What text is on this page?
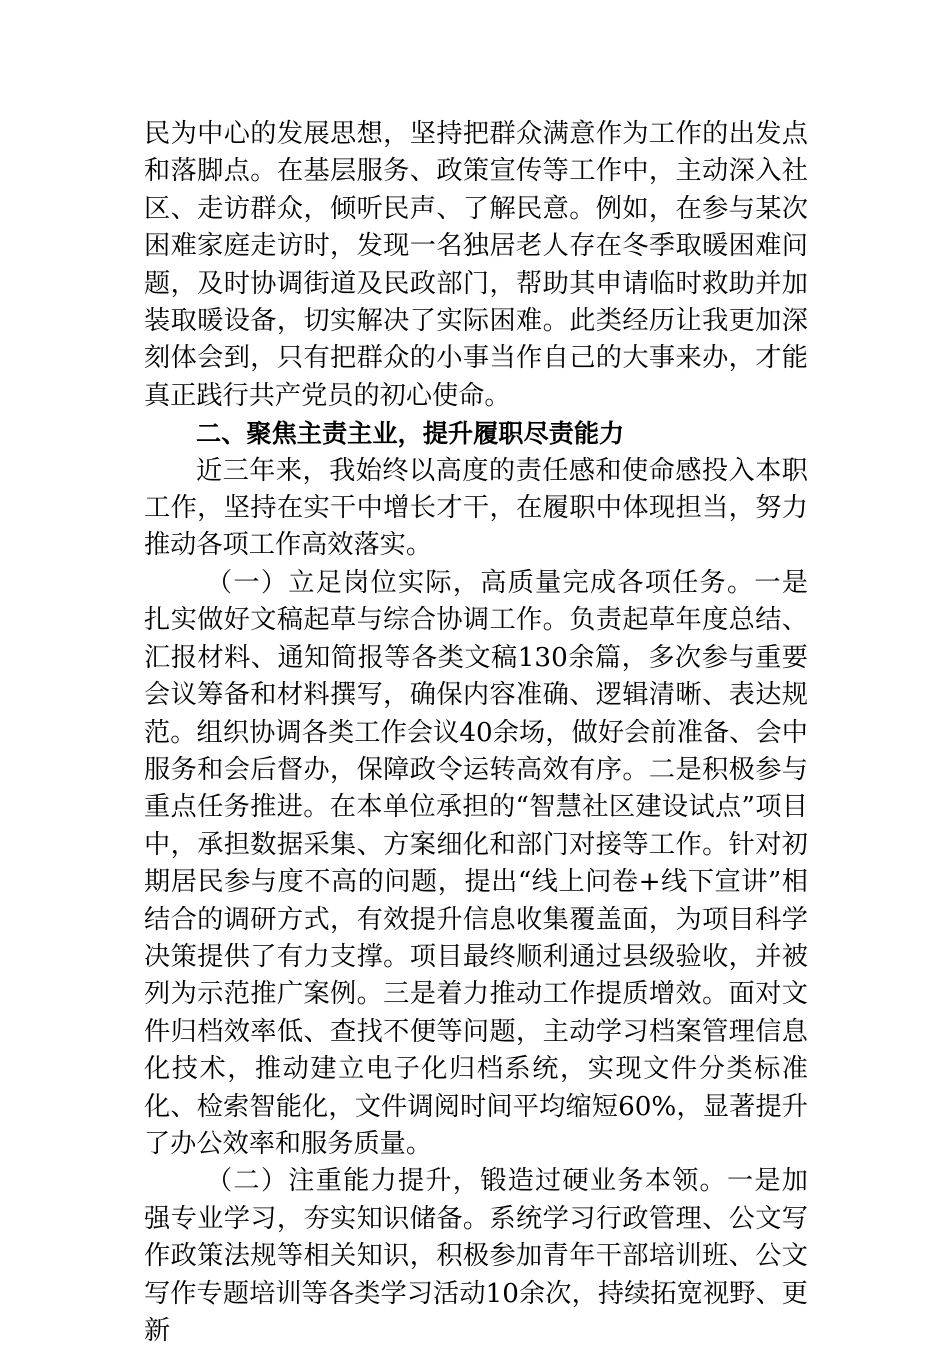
民为中心的发展思想，坚持把群众满意作为工作的出发点和落脚点。在基层服务、政策宣传等工作中，主动深入社区、走访群众，倾听民声、了解民意。例如，在参与某次困难家庭走访时，发现一名独居老人存在冬季取暖困难问题，及时协调街道及民政部门，帮助其申请临时救助并加装取暖设备，切实解决了实际困难。此类经历让我更加深刻体会到，只有把群众的小事当作自己的大事来办，才能真正践行共产党员的初心使命。

二、聚焦主责主业，提升履职尽责能力

近三年来，我始终以高度的责任感和使命感投入本职工作，坚持在实干中增长才干，在履职中体现担当，努力推动各项工作高效落实。

（一）立足岗位实际，高质量完成各项任务。一是扎实做好文稿起草与综合协调工作。负责起草年度总结、汇报材料、通知简报等各类文稿130余篇，多次参与重要会议筹备和材料撰写，确保内容准确、逻辑清晰、表达规范。组织协调各类工作会议40余场，做好会前准备、会中服务和会后督办，保障政令运转高效有序。二是积极参与重点任务推进。在本单位承担的“智慧社区建设试点”项目中，承担数据采集、方案细化和部门对接等工作。针对初期居民参与度不高的问题，提出“线上问卷+线下宣讲”相结合的调研方式，有效提升信息收集覆盖面，为项目科学决策提供了有力支撑。项目最终顺利通过县级验收，并被列为示范推广案例。三是着力推动工作提质增效。面对文件归档效率低、查找不便等问题，主动学习档案管理信息化技术，推动建立电子化归档系统，实现文件分类标准化、检索智能化，文件调阅时间平均缩短60%，显著提升了办公效率和服务质量。

（二）注重能力提升，锻造过硬业务本领。一是加强专业学习，夯实知识储备。系统学习行政管理、公文写作政策法规等相关知识，积极参加青年干部培训班、公文写作专题培训等各类学习活动10余次，持续拓宽视野、更新
